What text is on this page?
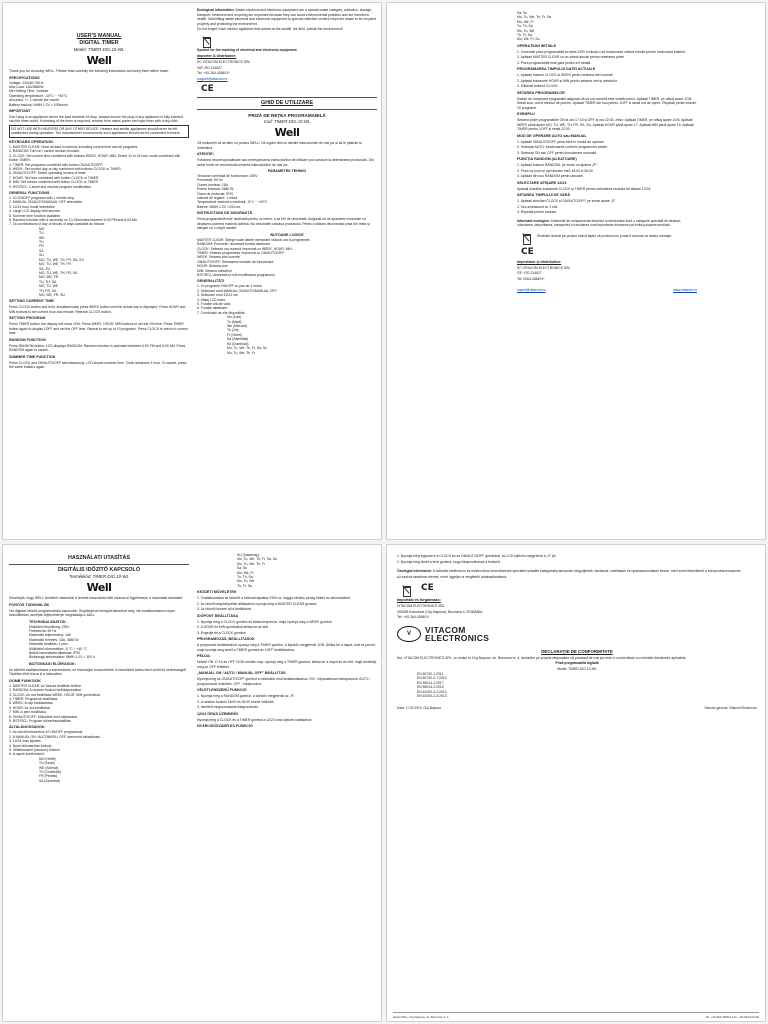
USER'S MANUAL
DIGITAL TIMER
Model: TIMER-DIG.10-WL
Well
Thank you for choosing WELL. Please read carefully the following instructions and keep them within reach.
SPECIFICATIONS
Voltage: 230VAC 50Hz
Max Load: 16A/3680W
Min Setting Time: 1minute
Operating temperature: -10°C ~ +40°C
Accuracy: +/- 1 minute per month
Battery backup: NiMH 1.2V > 100hours
IMPORTANT
Don't plug in an appliance where the load exceeds 16 Amp. Always ensure the plug of any appliance is fully inserted into the timer outlet. If cleaning of the timer is required, remove from mains power and wipe timer with a dry cloth.
DO NOT USE WITH HEATERS OR ANY OTHER DEVICE. Heaters and similar appliances should never be left unattended during operation. The manufacturer recommends such appliances should not be connected to timers.
KEYBOARD OPERATION
1. MASTER CLEAR: Clear all data in memory including current time and all programs.
2. RANDOM: Turn on / cancel random function.
3. CLOCK: Set current time combined with buttons WEEK, HOUR, MIN. Select 12 or 24 hour mode combined with button TIMER.
4. TIMER: Set programs combined with button ON/AUTO/OFF.
5. WEEK: Set current day or day combined with buttons CLOCK or TIMER.
6. ON/AUTO/OFF: Select operating modes of timer.
7. HOUR: Set hour combined with button CLOCK or TIMER.
8. MIN: Set minute combined with button CLOCK or TIMER.
9. RST/RCL: Cancel and resume program modification.
GENERAL FUNCTIONS
1. 10 ON/OFF programs with 1 minute step.
2. MANUAL ON/AUTO/MANUAL OFF selectable.
3. 12/24 hour mode selectable.
4. Large LCD display with second.
5. Summer time function available.
6. Random function with a randomly on 10-31minutes between 6:00 PM and 6:00 AM.
7. 16 combinations of day or blocks of days available as follows:
MO
TU
WE
TH
FR
SA
SU
MO, TU, WE, TH, FR, SA, SU
MO, TU, WE, TH, FR
SA, SU
MO, TU, WE, TH, FR, SA
MO, WE, FR
TU, TH, SA
MO, TU, WE
TH, FR, SA
MO, WE, FR, SU
SETTING CURRENT TIME
Press CLOCK button and hold, simultaneously press WEEK button until the actual day is displayed. Press HOUR and MIN buttons to set current hour and minute. Release CLOCK button.
SETTING PROGRAM
Press TIMER button, the display will show 1ON. Press WEEK, HOUR, MIN buttons to set the ON time. Press TIMER button again to display 1OFF and set the OFF time. Repeat to set up to 10 programs. Press CLOCK to return to current time.
RANDOM FUNCTION
Press RANDOM button; LCD displays RANDOM. Random function is activated between 6:00 PM and 6:00 AM. Press RANDOM again to cancel.
SUMMER TIME FUNCTION
Press CLOCK and ON/AUTO/OFF simultaneously, LCD shows summer time. Clock advances 1 hour. To cancel, press the same buttons again.
Ecological information: Waste electrical and electronic equipment are a special waste category, collection, storage, transport, treatment and recycling are important because they can avoid environmental pollution and are harmful to health. Submitting waste electrical and electronic equipment to special collection centers helps the waste to be recycled properly and protecting the environment.
Do not forget! Each electric appliance that arrives at the landfill, the field, pollute the environment!
Symbol for the marking of electrical and electronic equipment
Importer & distributor:
SC VITACOM ELECTRONICS SRL
VAT: RO 214627
Tel: +40-264-438401*
support@vitacom.ro
CE
GHID DE UTILIZARE
PRIZĂ DE REȚEA PROGRAMABILĂ
Cod: TIMER-DIG.10-WL
Well
Vă mulțumim că ați ales un produs WELL! Vă rugăm citiți cu atenție instrucțiunile de mai jos și să le păstrați la îndemână.
ATENȚIE!
Folosirea necorespunzătoare sau nerespectarea instrucțiunilor de utilizare pot conduce la deteriorarea produsului. Din acest motiv se recomandă urmarea instrucțiunilor de mai jos.
PARAMETRII TEHNICI
Tensiune nominală de funcționare: 230V
Frecvență: 50 Hz
Curent nominal: 16A
Putere Maximă: 3680 W
Clasa de protecție: IP20
Interval de reglare: 1 minut
Temperatură maximă a mediului: -5°C ~ +40°C
Baterie: NiMH 1.2V >100 ore
INSTRUCȚIUNI DE SIGURANȚĂ
Priza programabilă este destinată pentru uz intern, a se feri de umezeală. Asigurați-vă că aparatele conectate nu depășesc puterea maximă admisă. Nu deschideți carcasa produsului. Pentru curățare deconectați priza din rețea și ștergeți cu o cârpă uscată.
BUTOANE LOGICE
MASTER CLEAR: Șterge toate datele memorate inclusiv ora și programele.
RANDOM: Pornește / anulează funcția aleatoare.
CLOCK: Setează ora curentă împreună cu WEEK, HOUR, MIN.
TIMER: Setarea programelor împreună cu ON/AUTO/OFF.
WEEK: Setarea zilei curente.
ON/AUTO/OFF: Selectarea modului de funcționare.
HOUR: Setarea orei.
MIN: Setarea minutelor.
RST/RCL: Anulează și reia modificarea programului.
GENERALITĂȚI
1. 10 programe ON/OFF cu pas de 1 minut.
2. Selectare mod MANUAL ON/AUTO/MANUAL OFF.
3. Selectare mod 12/24 ore.
4. Afișaj LCD mare.
5. Funcție oră de vară.
6. Funcție aleatoare.
7. Combinații de zile disponibile:
Mo (Luni)
Tu (Marți)
We (Miercuri)
Th (Joi)
Fr (Vineri)
Sa (Sâmbătă)
Su (Duminică)
Mo, Tu, We, Th, Fr, Sa, Su
Mo, Tu, We, Th, Fr
Sa, Su
Mo, Tu, We, Th, Fr, Sa
Mo, We, Fr
Tu, Th, Sa
Mo, Tu, We
Th, Fr, Sa
Mo, We, Fr, Su
OPERAȚIUNI INIȚIALE
1. Conectați priza programabilă la rețea 230V și lăsați-o să funcționeze câteva minute pentru încărcarea bateriei.
2. Apăsați MASTER CLEAR cu un obiect ascuțit pentru resetarea prizei.
3. Priza programabilă este gata pentru a fi setată.
PROGRAMAREA TIMPULUI DATEI ACTUALE
1. Apăsați butonul CLOCK și WEEK pentru setarea zilei curente.
2. Apăsați butoanele HOUR și MIN pentru setarea orei și minutelor.
3. Eliberați butonul CLOCK.
SETAREA PROGRAMELOR
Înainte de începerea programării asigurați-vă că ora curentă este setată corect. Apăsați TIMER, pe afișaj apare 1ON. Setați ziua, ora și minutul de pornire. Apăsați TIMER din nou pentru 1OFF și setați ora de oprire. Repetați pentru maxim 10 programe.
EXEMPLU
Setarea prizei programabile ON la ora 17:15 și OFF la ora 22:30, zilnic: Apăsați TIMER, pe afișaj apare 1ON. Apăsați WEEK până apare MO, TU, WE, TH, FR, SA, SU. Apăsați HOUR până apare 17. Apăsați MIN până apare 15. Apăsați TIMER pentru 1OFF și setați 22:30.
MOD DE OPERARE AUTO sau MANUAL
1. Apăsați ON/AUTO/OFF, priza intră în modul de operare.
2. Selectați AUTO: funcționarea conform programelor setate.
3. Selectați ON sau OFF pentru funcționare manuală.
FUNCȚIA RANDOM (ALEATOARE)
1. Apăsați butonul RANDOM, pe ecran va apărea „R”.
2. Priza va porni și opri aleator între 18:00 și 06:00.
3. Apăsați din nou RANDOM pentru anulare.
SELECTARE AFIȘARE 12/24
Apăsați simultan butoanele CLOCK și TIMER pentru selectarea modului de afișare 12/24.
SETAREA TIMPULUI DE VARĂ
1. Apăsați simultan CLOCK și ON/AUTO/OFF, pe ecran apare „S”.
2. Ora avansează cu 1 oră.
3. Repetați pentru anulare.
Informații ecologice: Deșeurile de echipamente electrice și electronice sunt o categorie specială de deșeuri; colectarea, depozitarea, transportul și reciclarea sunt importante deoarece pot evita poluarea mediului.
Simbolul ilustrat pe produs indică faptul că produsul nu poate fi aruncat ca deșeu menajer.
CE
Importator și distribuitor:
SC VITACOM ELECTRONICS SRL
CIF: RO 214627
Tel: 0264-438401*
suport@vitacom.ro	www.vitacom.ro
HASZNÁLATI UTASÍTÁS
DIGITÁLIS IDŐZÍTŐ KAPCSOLÓ
Termékkód: TIMER-DIG.10-WL
Well
Köszönjük, hogy WELL terméket választott! A termék használata előtt olvassa el figyelmesen a használati útmutatót.
FONTOS TUDNIVALÓK
Hol digitális időzítő programozható kapcsolók. Segítségével energiát takaríthat meg. Ne csatlakoztasson olyan készülékeket, amelyek teljesítménye meghaladja a 16A-t.
TECHNIKAI ADATOK:
Működési feszültség: 230V
Frekvencia: 50 Hz
Maximális teljesítmény: 16A
Maximális terhelés: 16A, 3680 W
Minimális beállítás: 1 perc
Működési hőmérséklet: -5 °C ~ +40 °C
Belsőt használatra alkalmas: IP20
Biztonsági akkumulátor: NiMH 1.2V > 100 h
BIZTONSÁGI ELŐÍRÁSOK:
Az időzítőt csatlakoztassa a konnektorba; ne használjon hosszabbítót. A készüléket tartsa távol víztől és nedvességtől. Tisztítás előtt húzza ki a hálózatból.
GOMB FUNKCIÓK
1. MASTER CLEAR: Az összes beállítás törlése.
2. RANDOM: A random funkció be/kikapcsolása.
3. CLOCK: Az óra beállítása WEEK, HOUR, MIN gombokkal.
4. TIMER: Programok beállítása.
5. WEEK: A nap kiválasztása.
6. HOUR: Az óra beállítása.
7. MIN: A perc beállítása.
8. ON/AUTO/OFF: Működési mód választása.
9. RST/RCL: Program törlés/visszaállítás.
ÁLTALÁNOSSÁGOK
1. Az időzítő felszerelve 10 ON/OFF programmal.
2. A MANUÁL ON / AUTOMATA / OFF üzemmód választható.
3. 12/24 órás kijelzés.
4. Nyári időszámítás funkció.
5. Véletlenszerű (random) funkció.
6. A napok kombinációi:
MO (Hétfő)
TU (Kedd)
WE (Szerda)
TH (Csütörtök)
FR (Péntek)
SA (Szombat)
SU (Vasárnap)
Mo, Tu, We, Th, Fr, Sa, Su
Mo, Tu, We, Th, Fr
Sa, Su
Mo, We, Fr
Tu, Th, Sa
Mo, Tu, We
Th, Fr, Sa
KEZDETI MŰVELETEK
1. Csatlakoztassa az időzítőt a hálózati aljzatba 230V-ra, hagyja néhány percig tölteni az akkumulátort.
2. Az időzítő alaphelyzetbe állításához nyomja meg a MASTER CLEAR gombot.
3. Az időzítő készen áll a beállításra.
IDŐPONT BEÁLLÍTÁSA
1. Nyomja meg a CLOCK gombot és tartsa lenyomva, majd nyomja meg a WEEK gombot.
2. A HOUR és MIN gombokkal állítsa be az időt.
3. Engedje fel a CLOCK gombot.
PROGRAMOZÁS, BEÁLLÍTÁSOK
A programok beállításához nyomja meg a TIMER gombot. A kijelzőn megjelenik 1ON. Állítsa be a napot, órát és percet, majd nyomja meg ismét a TIMER gombot az 1OFF beállításához.
PÉLDA:
Időzítő ON 17:15 és OFF 22:30 minden nap: nyomja meg a TIMER gombot, állítsa be a napot és az időt, majd ismételje meg az OFF értékkel.
„MANUÁL ON / AUTO / MANUÁL OFF” BEÁLLÍTÁS
Nyomja meg az ON/AUTO/OFF gombot a működési mód kiválasztásához: ON - folyamatosan bekapcsolva, AUTO - programozott működés, OFF - kikapcsolva.
VÉLETLENSZERŰ FUNKCIÓ
1. Nyomja meg a RANDOM gombot, a kijelzőn megjelenik az „R”.
2. A random funkció 18:00 és 06:00 között működik.
3. Ismételt megnyomással kikapcsolható.
12/24 ÓRÁS ÜZEMMÓD
Nyomja meg a CLOCK és a TIMER gombot a 12/24 órás kijelzés váltásához.
NYÁRI IDŐSZÁMÍTÁS FUNKCIÓ
1. Nyomja meg egyszerre a CLOCK és az ON/AUTO/OFF gombokat. Az LCD kijelzőn megjelenik a „S” jel.
2. Nyomja meg ismét a fenti gombot, hogy kikapcsolhassa a funkciót.
Ökológiai információ: A hulladék elektromos és elektronikus berendezések speciális hulladék kategóriába tartoznak; begyűjtésük, tárolásuk, szállításuk és újrahasznosításuk fontos, mert ezzel elkerülhető a környezetszennyezés.
Az eszköz tartalmaz elemet, ezért ügyeljen a megfelelő ártalmatlanításra.
CE
Importáló és forgalmazó:
VITACOM ELECTRONICS SRL
400495 Kolozsvár (Cluj-Napoca), Bucovina 4, ROMÂNIA
Tel: +40-264-438401*
V	VITACOM
ELECTRONICS
DECLARAȚIE DE CONFORMITATE
Noi, VITACOM ELECTRONICS SRL, cu sediul în Cluj-Napoca, str. Bucovina nr. 4, declarăm pe propria răspundere că produsul de mai jos este în conformitate cu cerințele directivelor aplicabile.
Priză programabilă digitală
Model: TIMER-DIG.10-WL
EN 60730-1:2011
EN 60730-2-7:2010
EN 55014-1:2017
EN 55014-2:2015
EN 61000-3-2:2014
EN 61000-3-3:2013
Data: 17.02.2019, Cluj-Napoca	Director general, Vitacom Electronics
Head Office: Cluj-Napoca, str. Bucovina nr. 4	Tel: +40-264-438401 Fax: +40-264-414130
